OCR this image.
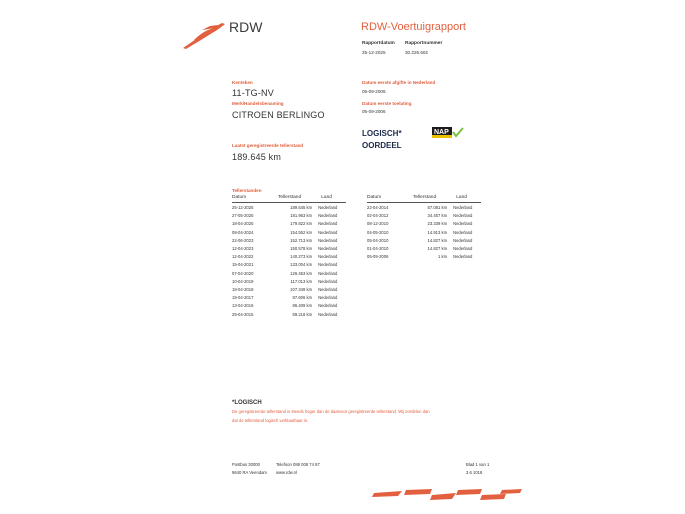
RDW	RDW-Voertuigrapport
Rapportdatum Rapportnummer
25-12-2025	30.226.602
Kenteken
11-TG-NV
Merk/Handelsbenaming
CITROEN BERLINGO
Laatst geregistreerde tellerstand
189.645 km
Datum eerste afgifte in Nederland
05-09-2006
Datum eerste toelating
05-09-2006
LOGISCH*
OORDEEL
NAP
Tellerstanden
Datum	Tellerstand	Land
25-12-2025	189.645 km	Nederland
27-05-2025	181.963 km	Nederland
18-04-2025	179.822 km	Nederland
08-04-2024	154.552 km	Nederland
22-06-2023	152.713 km	Nederland
12-04-2023	150.578 km	Nederland
12-04-2022	140.273 km	Nederland
15-04-2021	133.004 km	Nederland
07-04-2020	126.453 km	Nederland
10-04-2019	117.013 km	Nederland
18-04-2018	107.349 km	Nederland
19-04-2017	97.606 km	Nederland
13-04-2016	86.409 km	Nederland
29-04-2015	69.218 km	Nederland
Datum	Tellerstand	Land
22-04-2014	57.081 km	Nederland
02-04-2012	34.457 km	Nederland
08-12-2010	23.339 km	Nederland
04-05-2010	14.913 km	Nederland
05-04-2010	14.827 km	Nederland
01-04-2010	14.827 km	Nederland
05-09-2006	1 km	Nederland
*LOGISCH
De geregistreerde tellerstand is steeds hoger dan de daarvoor geregistreerde tellerstand. Wij oordelen dan
dat de tellerstand logisch verklaarbaar is.
Postbus 30000
9640 RA Veendam
Telefoon 088 008 74 87
www.rdw.nl
Blad 1 van 1
3.6 1018
